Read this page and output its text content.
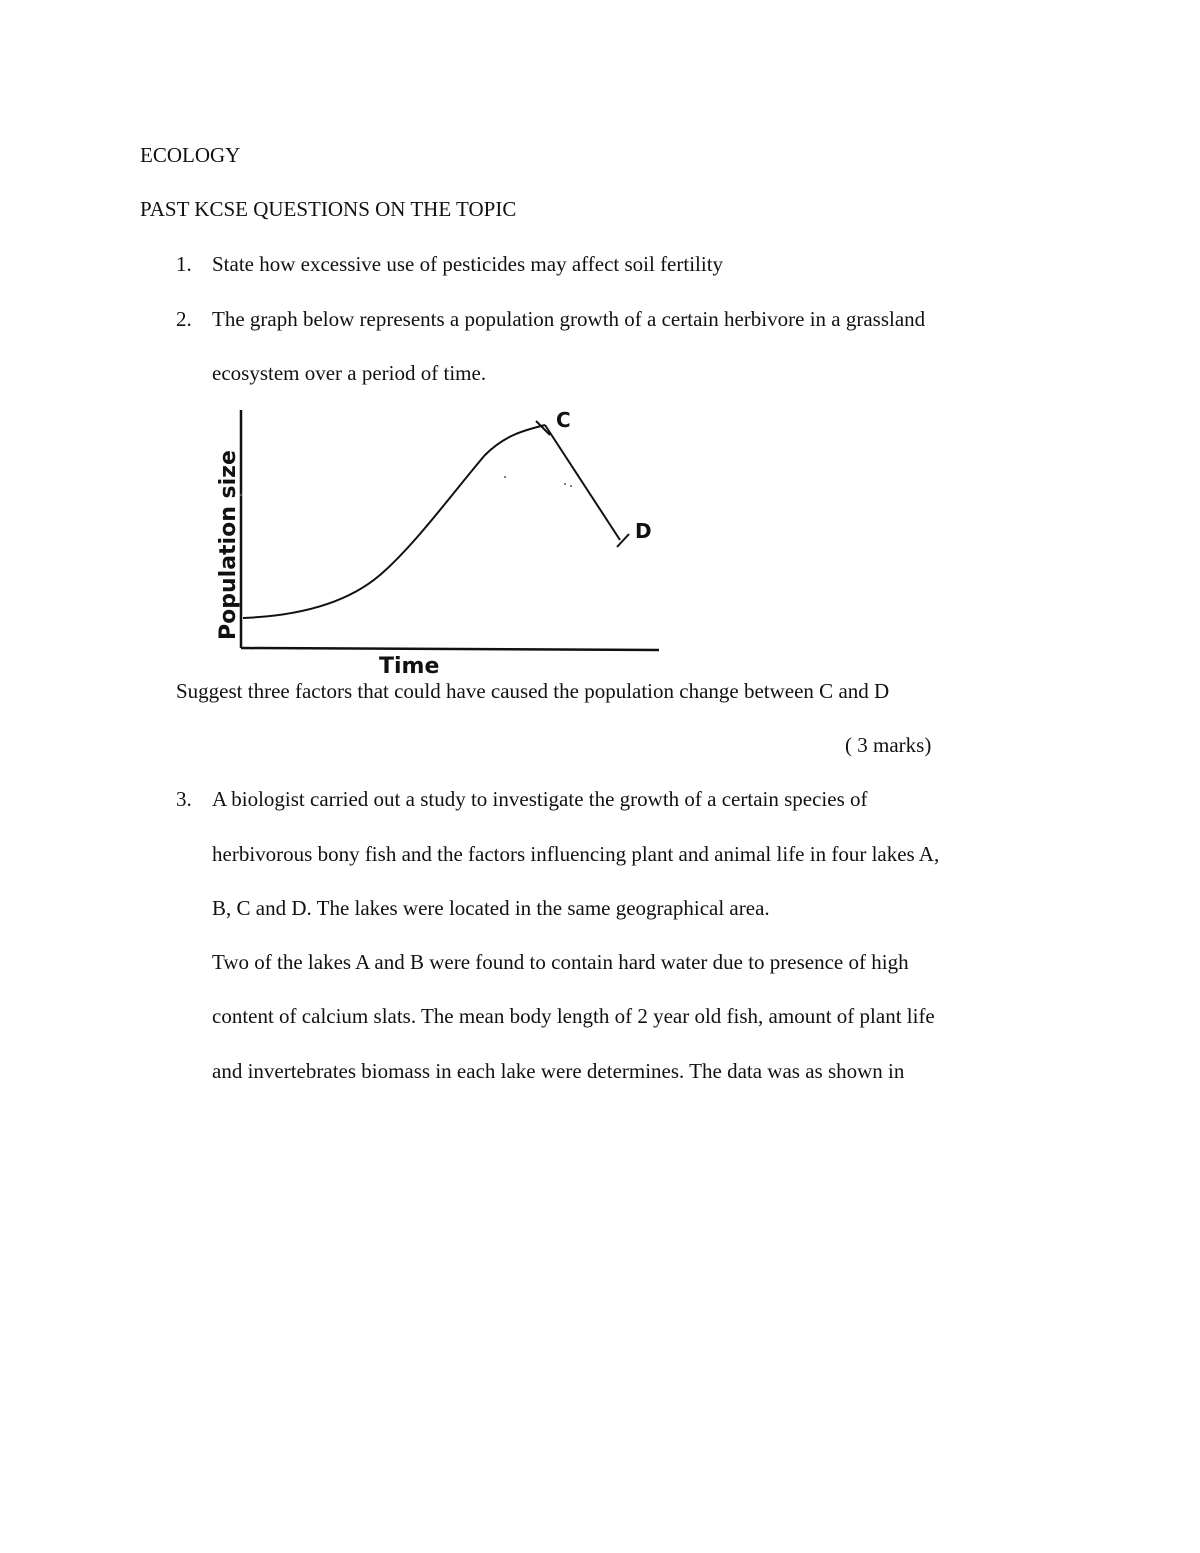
ECOLOGY
PAST KCSE QUESTIONS ON THE TOPIC
1. State how excessive use of pesticides may affect soil fertility
2. The graph below represents a population growth of a certain herbivore in a grassland
ecosystem over a period of time.
C
D
Time
Population size
Suggest three factors that could have caused the population change between C and D
( 3 marks)
3. A biologist carried out a study to investigate the growth of a certain species of
herbivorous bony fish and the factors influencing plant and animal life in four lakes A,
B, C and D. The lakes were located in the same geographical area.
Two of the lakes A and B were found to contain hard water due to presence of high
content of calcium slats. The mean body length of 2 year old fish, amount of plant life
and invertebrates biomass in each lake were determines. The data was as shown in
